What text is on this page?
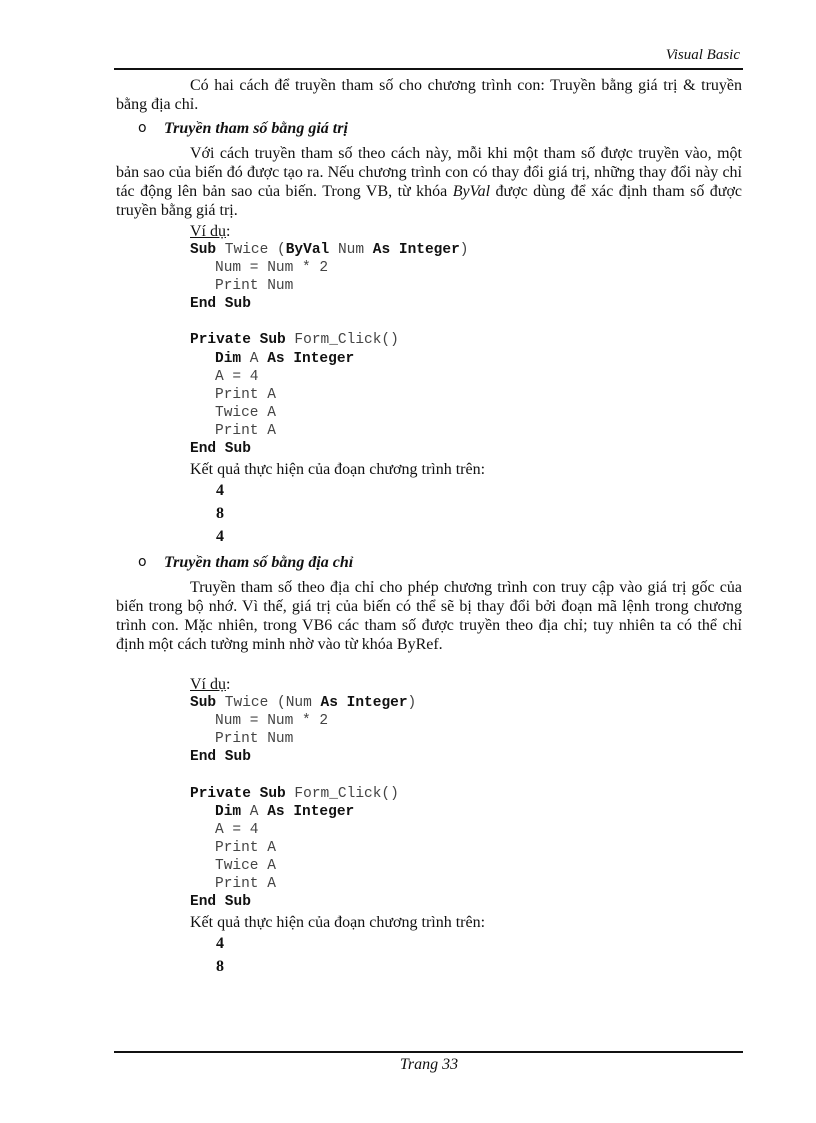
Visual Basic

Có hai cách để truyền tham số cho chương trình con: Truyền bằng giá trị & truyền bằng địa chỉ.

o Truyền tham số bằng giá trị

Với cách truyền tham số theo cách này, mỗi khi một tham số được truyền vào, một bản sao của biến đó được tạo ra. Nếu chương trình con có thay đổi giá trị, những thay đổi này chỉ tác động lên bản sao của biến. Trong VB, từ khóa ByVal được dùng để xác định tham số được truyền bằng giá trị.

Ví dụ:
Sub Twice (ByVal Num As Integer)
Num = Num * 2
Print Num
End Sub
Private Sub Form_Click()
Dim A As Integer
A = 4
Print A
Twice A
Print A
End Sub
Kết quả thực hiện của đoạn chương trình trên:
4
8
4
o Truyền tham số bằng địa chỉ

Truyền tham số theo địa chỉ cho phép chương trình con truy cập vào giá trị gốc của biến trong bộ nhớ. Vì thế, giá trị của biến có thể sẽ bị thay đổi bởi đoạn mã lệnh trong chương trình con. Mặc nhiên, trong VB6 các tham số được truyền theo địa chỉ; tuy nhiên ta có thể chỉ định một cách tường minh nhờ vào từ khóa ByRef.

Ví dụ:
Sub Twice (Num As Integer)
Num = Num * 2
Print Num
End Sub
Private Sub Form_Click()
Dim A As Integer
A = 4
Print A
Twice A
Print A
End Sub
Kết quả thực hiện của đoạn chương trình trên:
4
8
Trang 33
